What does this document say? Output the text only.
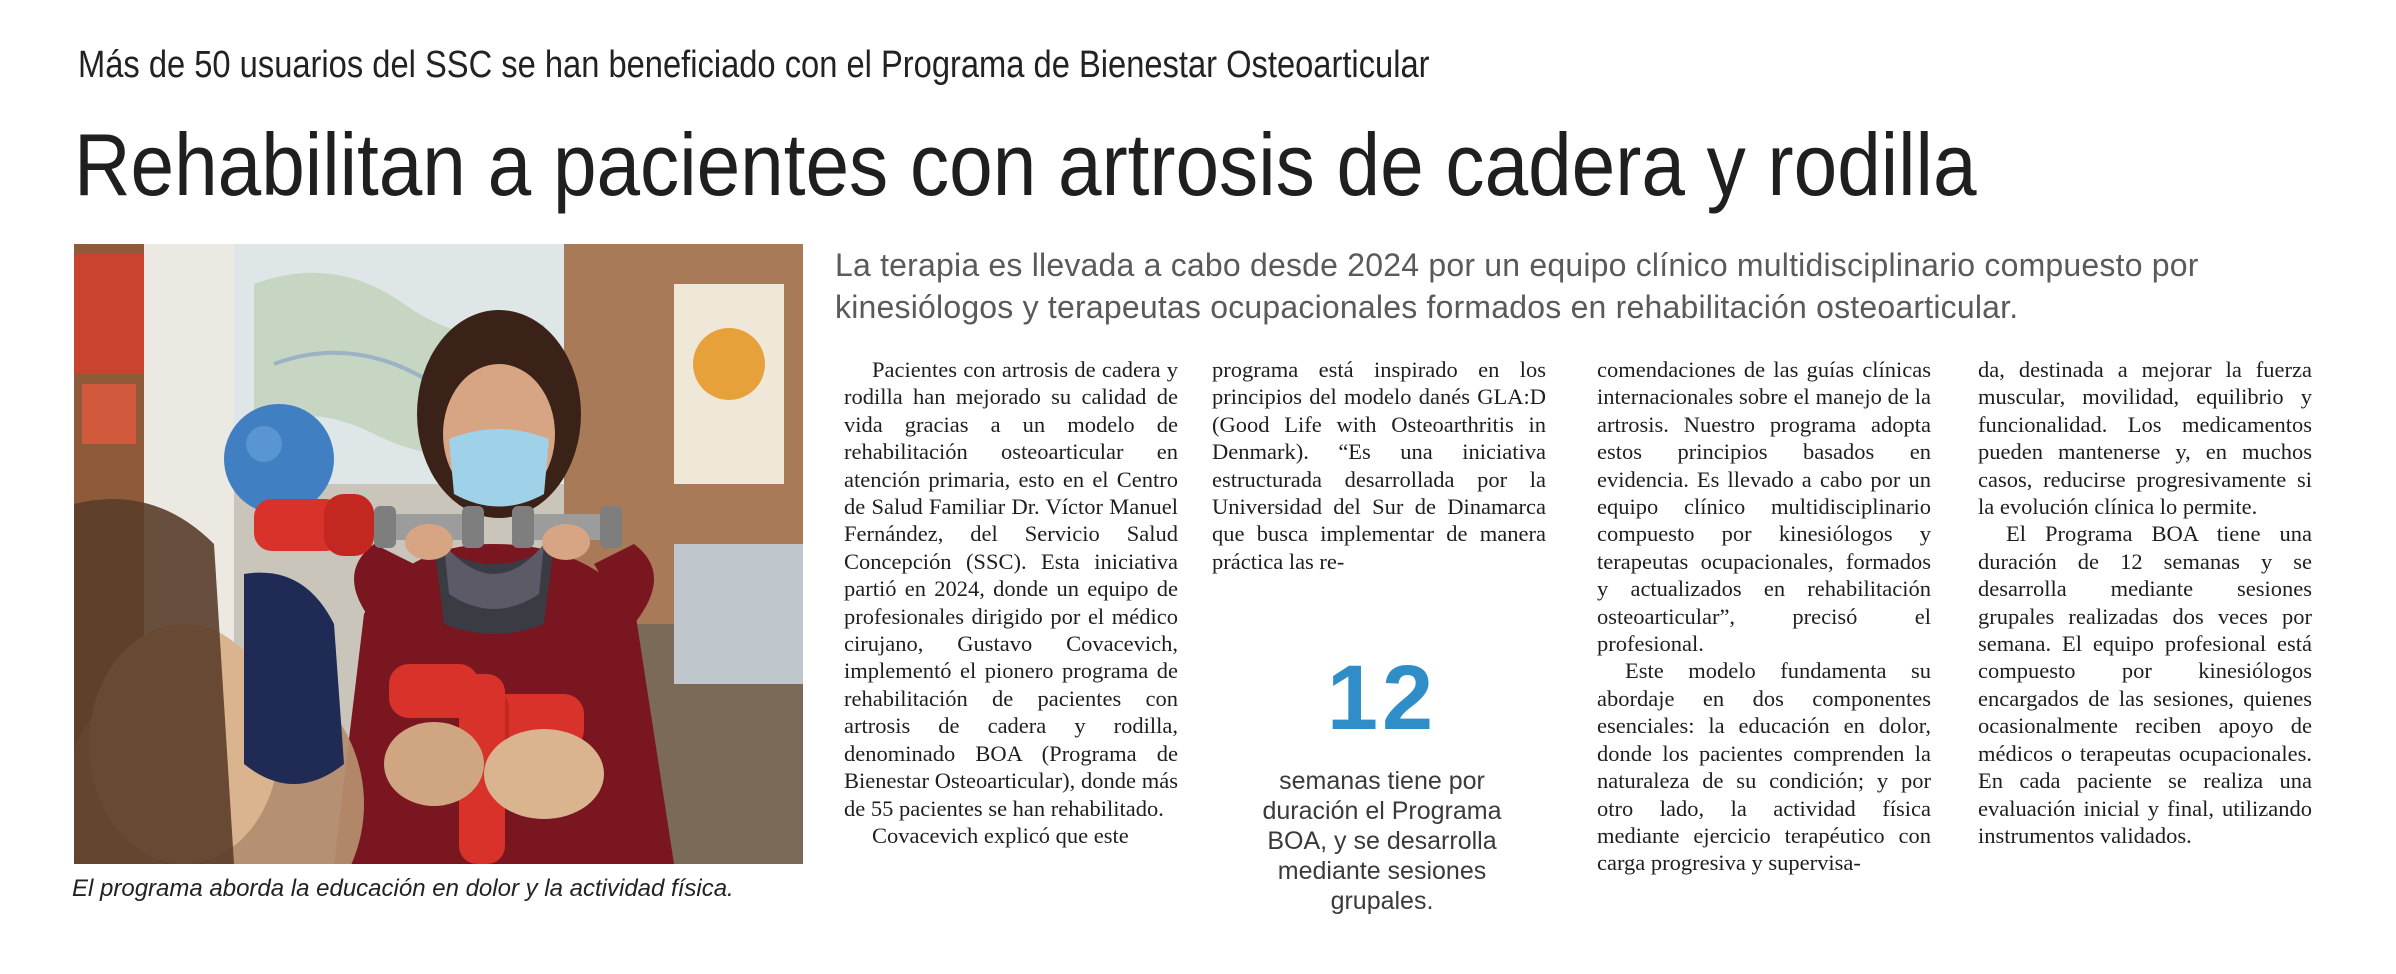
Más de 50 usuarios del SSC se han beneficiado con el Programa de Bienestar Osteoarticular
Rehabilitan a pacientes con artrosis de cadera y rodilla
El programa aborda la educación en dolor y la actividad física.
La terapia es llevada a cabo desde 2024 por un equipo clínico multidisciplinario compuesto por kinesiólogos y terapeutas ocupacionales formados en rehabilitación osteoarticular.

Pacientes con artrosis de cadera y rodilla han mejorado su calidad de vida gracias a un modelo de rehabilitación osteoarticular en atención primaria, esto en el Centro de Salud Familiar Dr. Víctor Manuel Fernández, del Servicio Salud Concepción (SSC). Esta iniciativa partió en 2024, donde un equipo de profesionales dirigido por el médico cirujano, Gustavo Covacevich, implementó el pionero programa de rehabilitación de pacientes con artrosis de cadera y rodilla, denominado BOA (Programa de Bienestar Osteoarticular), donde más de 55 pacientes se han rehabilitado.

Covacevich explicó que este

programa está inspirado en los principios del modelo danés GLA:D (Good Life with Osteoarthritis in Denmark). “Es una iniciativa estructurada desarrollada por la Universidad del Sur de Dinamarca que busca implementar de manera práctica las re-

12
semanas tiene por duración el Programa BOA, y se desarrolla mediante sesiones grupales.

comendaciones de las guías clínicas internacionales sobre el manejo de la artrosis. Nuestro programa adopta estos principios basados en evidencia. Es llevado a cabo por un equipo clínico multidisciplinario compuesto por kinesiólogos y terapeutas ocupacionales, formados y actualizados en rehabilitación osteoarticular”, precisó el profesional.

Este modelo fundamenta su abordaje en dos componentes esenciales: la educación en dolor, donde los pacientes comprenden la naturaleza de su condición; y por otro lado, la actividad física mediante ejercicio terapéutico con carga progresiva y supervisa-

da, destinada a mejorar la fuerza muscular, movilidad, equilibrio y funcionalidad. Los medicamentos pueden mantenerse y, en muchos casos, reducirse progresivamente si la evolución clínica lo permite.

El Programa BOA tiene una duración de 12 semanas y se desarrolla mediante sesiones grupales realizadas dos veces por semana. El equipo profesional está compuesto por kinesiólogos encargados de las sesiones, quienes ocasionalmente reciben apoyo de médicos o terapeutas ocupacionales. En cada paciente se realiza una evaluación inicial y final, utilizando instrumentos validados.
